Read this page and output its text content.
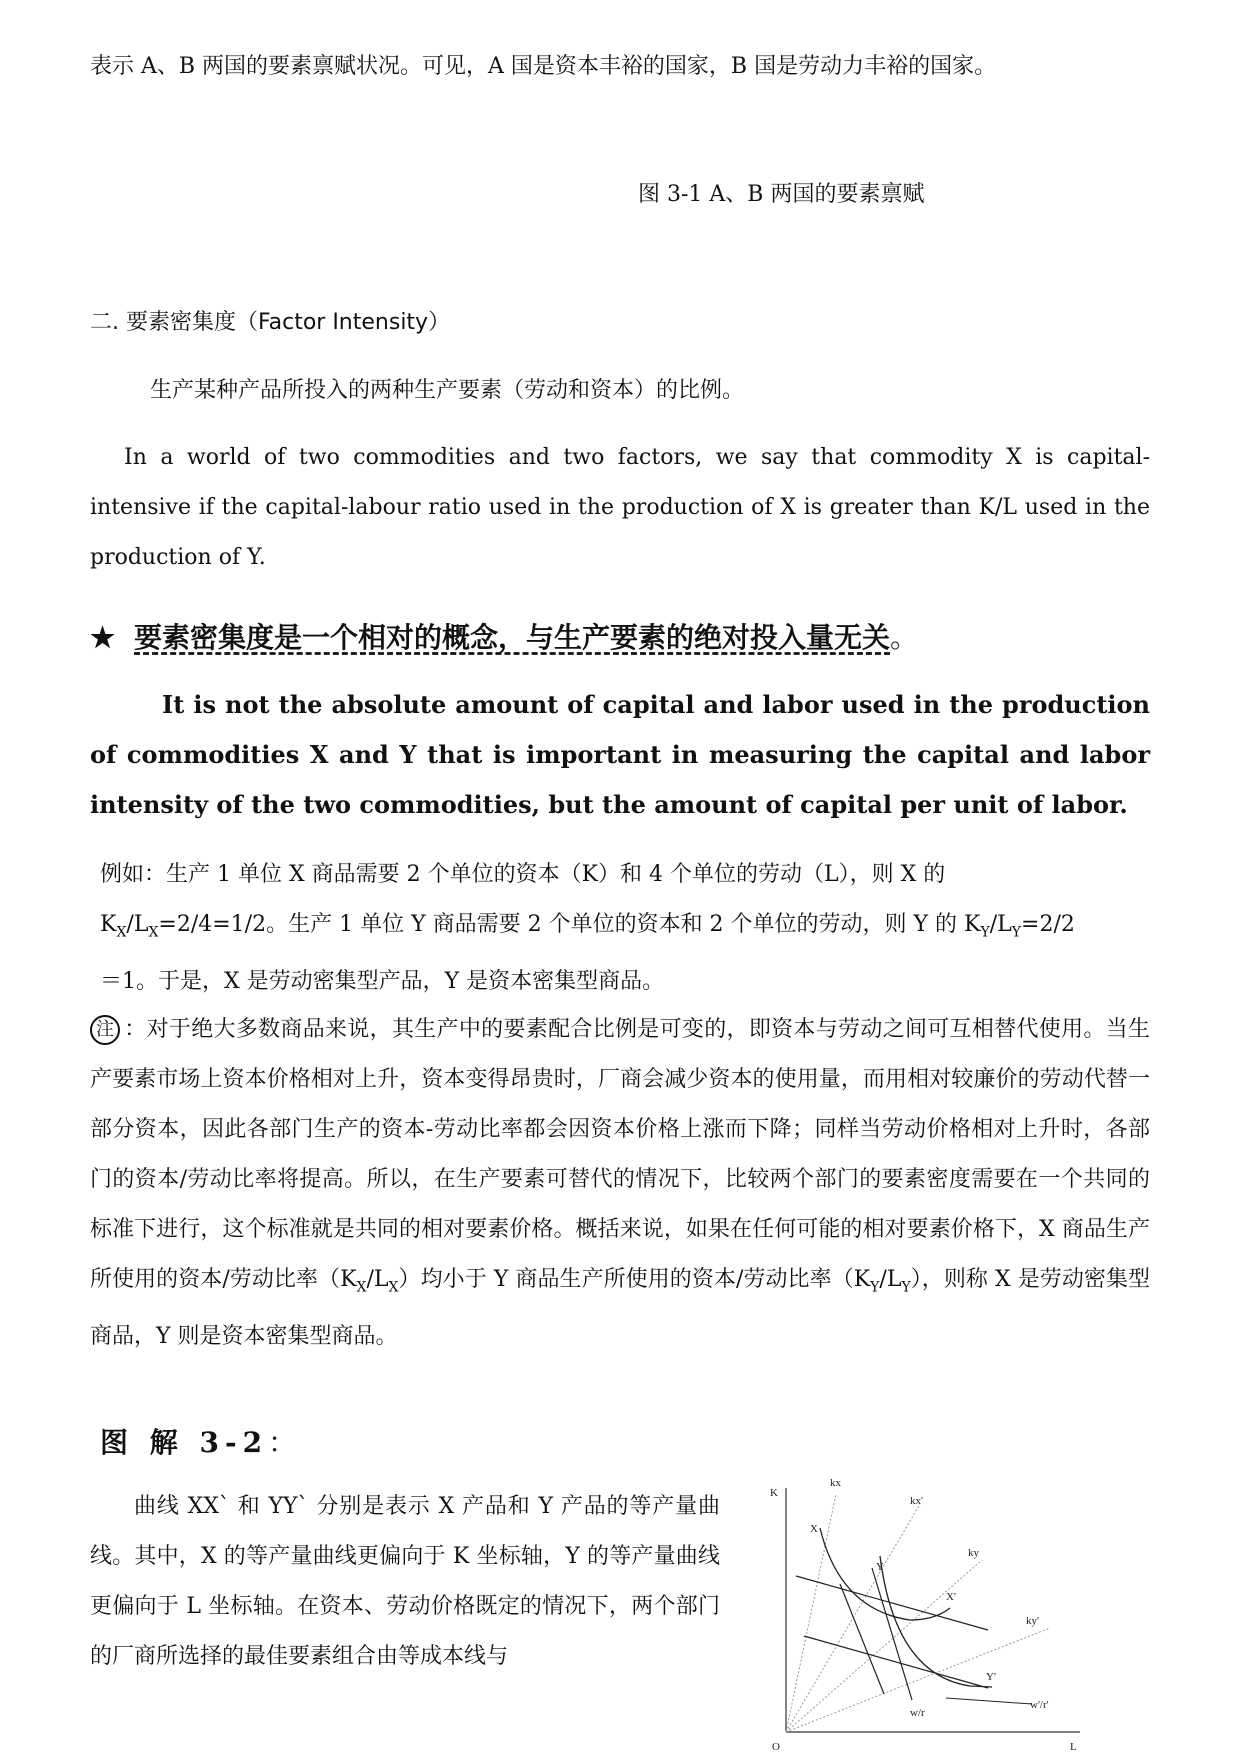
表示 A、B 两国的要素禀赋状况。可见，A 国是资本丰裕的国家，B 国是劳动力丰裕的国家。
图 3-1 A、B 两国的要素禀赋
二. 要素密集度（Factor Intensity）
生产某种产品所投入的两种生产要素（劳动和资本）的比例。
In a world of two commodities and two factors, we say that commodity X is capital-intensive if the capital-labour ratio used in the production of X is greater than K/L used in the production of Y.
★ 要素密集度是一个相对的概念，与生产要素的绝对投入量无关。
It is not the absolute amount of capital and labor used in the production of commodities X and Y that is important in measuring the capital and labor intensity of the two commodities, but the amount of capital per unit of labor.
例如：生产 1 单位 X 商品需要 2 个单位的资本（K）和 4 个单位的劳动（L），则 X 的
$K_X/L_X=2/4=1/2$。生产 1 单位 Y 商品需要 2 个单位的资本和 2 个单位的劳动，则 Y 的 $K_Y/L_Y=2/2$
＝1。于是，X 是劳动密集型产品，Y 是资本密集型商品。
注 ：对于绝大多数商品来说，其生产中的要素配合比例是可变的，即资本与劳动之间可互相替代使用。当生产要素市场上资本价格相对上升，资本变得昂贵时，厂商会减少资本的使用量，而用相对较廉价的劳动代替一部分资本，因此各部门生产的资本-劳动比率都会因资本价格上涨而下降；同样当劳动价格相对上升时，各部门的资本/劳动比率将提高。所以，在生产要素可替代的情况下，比较两个部门的要素密度需要在一个共同的标准下进行，这个标准就是共同的相对要素价格。概括来说，如果在任何可能的相对要素价格下，X 商品生产所使用的资本/劳动比率$(K_X/L_X)$均小于 Y 商品生产所使用的资本/劳动比率$(K_Y/L_Y)$，则称 X 是劳动密集型商品，Y 则是资本密集型商品。
图 解 3-2：
曲线 XX` 和 YY` 分别是表示 X 产品和 Y 产品的等产量曲线。其中，X 的等产量曲线更偏向于 K 坐标轴，Y 的等产量曲线更偏向于 L 坐标轴。在资本、劳动价格既定的情况下，两个部门的厂商所选择的最佳要素组合由等成本线与
K
O	L
kx
kx'
ky
ky'
X
X'
Y
Y'
w/r
w'/r'
